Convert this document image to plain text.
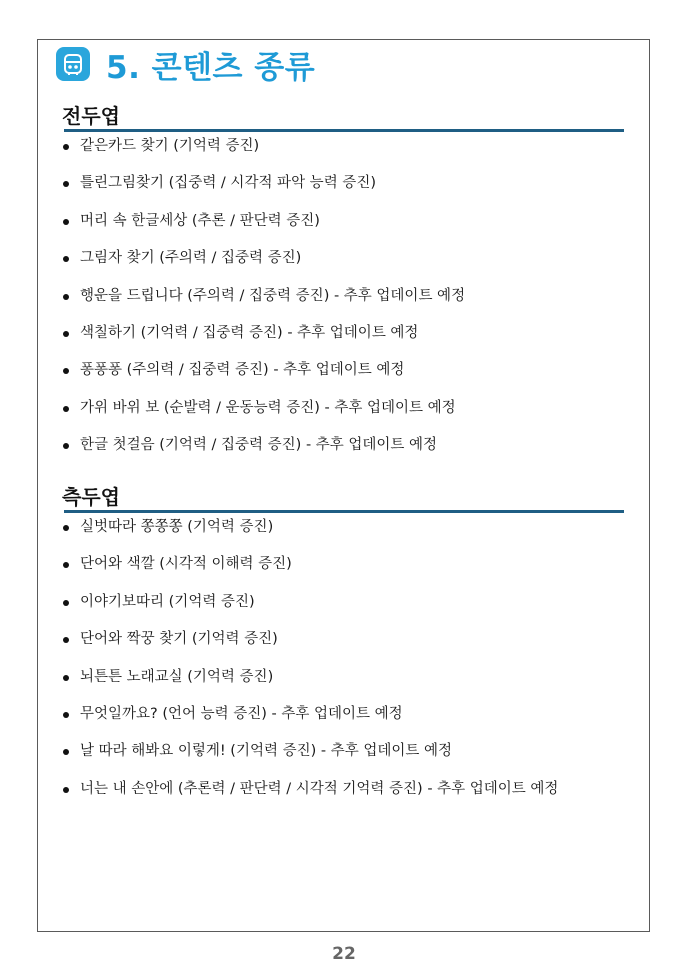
5. 콘텐츠 종류
전두엽
같은카드 찾기 (기억력 증진)
틀린그림찾기 (집중력 / 시각적 파악 능력 증진)
머리 속 한글세상 (추론 / 판단력 증진)
그림자 찾기 (주의력 / 집중력 증진)
행운을 드립니다 (주의력 / 집중력 증진) - 추후 업데이트 예정
색칠하기 (기억력 / 집중력 증진) - 추후 업데이트 예정
퐁퐁퐁 (주의력 / 집중력 증진) - 추후 업데이트 예정
가위 바위 보 (순발력 / 운동능력 증진) - 추후 업데이트 예정
한글 첫걸음 (기억력 / 집중력 증진) - 추후 업데이트 예정
측두엽
실벗따라 쫑쫑쫑 (기억력 증진)
단어와 색깔 (시각적 이해력 증진)
이야기보따리 (기억력 증진)
단어와 짝꿍 찾기 (기억력 증진)
뇌튼튼 노래교실 (기억력 증진)
무엇일까요? (언어 능력 증진) - 추후 업데이트 예정
날 따라 해봐요 이렇게! (기억력 증진) - 추후 업데이트 예정
너는 내 손안에 (추론력 / 판단력 / 시각적 기억력 증진) - 추후 업데이트 예정
22
